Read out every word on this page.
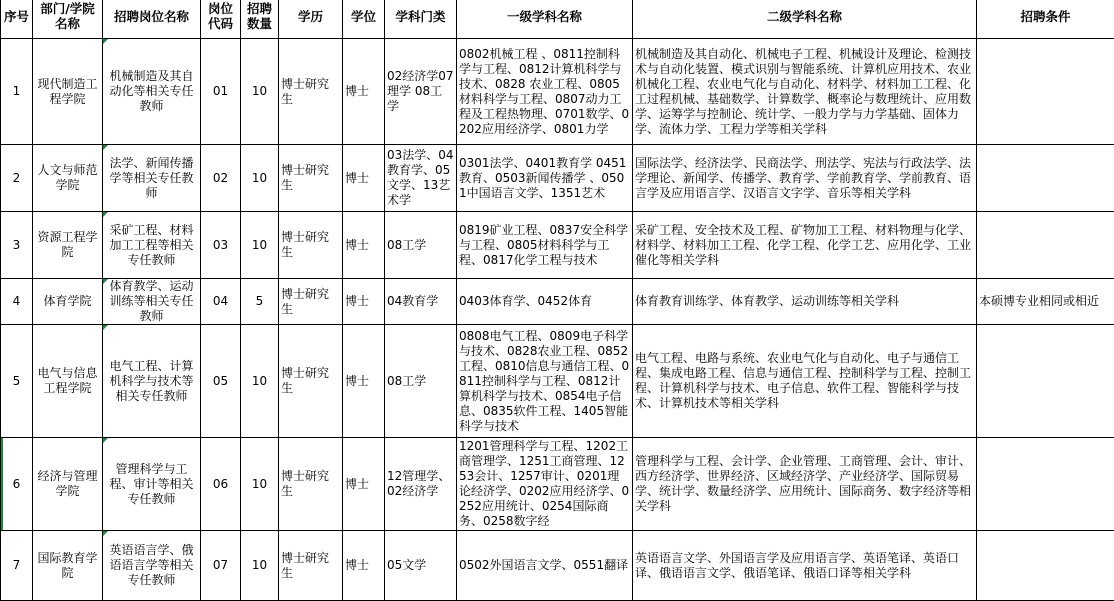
序号	部门/学院名称	招聘岗位名称	岗位代码	招聘数量	学历	学位	学科门类	一级学科名称	二级学科名称	招聘条件
1	现代制造工程学院	机械制造及其自动化等相关专任教师	01	10	博士研究生	博士	02经济学07理学 08工学	0802机械工程 、0811控制科学与工程、0812计算机科学与技术、0828 农业工程、0805材料科学与工程、0807动力工程及工程热物理、0701数学、0202应用经济学、0801力学	机械制造及其自动化、机械电子工程、机械设计及理论、检测技术与自动化装置、模式识别与智能系统、计算机应用技术、农业机械化工程、农业电气化与自动化、材料学、材料加工工程、化工过程机械、基础数学、计算数学、概率论与数理统计、应用数学、运筹学与控制论、统计学、一般力学与力学基础、固体力学、流体力学、工程力学等相关学科	
2	人文与师范学院	法学、新闻传播学等相关专任教师	02	10	博士研究生	博士	03法学、04教育学、05文学、13艺术学	0301法学、0401教育学 0451教育、0503新闻传播学 、0501中国语言文学、1351艺术	国际法学、经济法学、民商法学、刑法学、宪法与行政法学、法学理论、新闻学、传播学、教育学、学前教育学、学前教育、语言学及应用语言学、汉语言文字学、音乐等相关学科	
3	资源工程学院	采矿工程、材料加工工程等相关专任教师	03	10	博士研究生	博士	08工学	0819矿业工程、0837安全科学与工程、0805材料科学与工程、0817化学工程与技术	采矿工程、安全技术及工程、矿物加工工程、材料物理与化学、材料学、材料加工工程、化学工程、化学工艺、应用化学、工业催化等相关学科	
4	体育学院	体育教学、运动训练等相关专任教师	04	5	博士研究生	博士	04教育学	0403体育学、0452体育	体育教育训练学、体育教学、运动训练等相关学科	本硕博专业相同或相近
5	电气与信息工程学院	电气工程、计算机科学与技术等相关专任教师	05	10	博士研究生	博士	08工学	0808电气工程、0809电子科学与技术、0828农业工程、0852工程、0810信息与通信工程、0811控制科学与工程、0812计算机科学与技术、0854电子信息、0835软件工程、1405智能科学与技术	电气工程、电路与系统、农业电气化与自动化、电子与通信工程、集成电路工程、信息与通信工程、控制科学与工程、控制工程、计算机科学与技术、电子信息、软件工程、智能科学与技术、计算机技术等相关学科	
6	经济与管理学院	管理科学与工程、审计等相关专任教师	06	10	博士研究生	博士	12管理学、02经济学	1201管理科学与工程、1202工商管理学、1251工商管理、1253会计、1257审计、0201理论经济学、0202应用经济学、0252应用统计、0254国际商务、0258数字经	管理科学与工程、会计学、企业管理、工商管理、会计、审计、西方经济学、世界经济、区域经济学、产业经济学、国际贸易学、统计学、数量经济学、应用统计、国际商务、数字经济等相关学科	
7	国际教育学院	英语语言学、俄语语言学等相关专任教师	07	10	博士研究生	博士	05文学	0502外国语言文学、0551翻译	英语语言文学、外国语言学及应用语言学、英语笔译、英语口译、俄语语言文学、俄语笔译、俄语口译等相关学科	
